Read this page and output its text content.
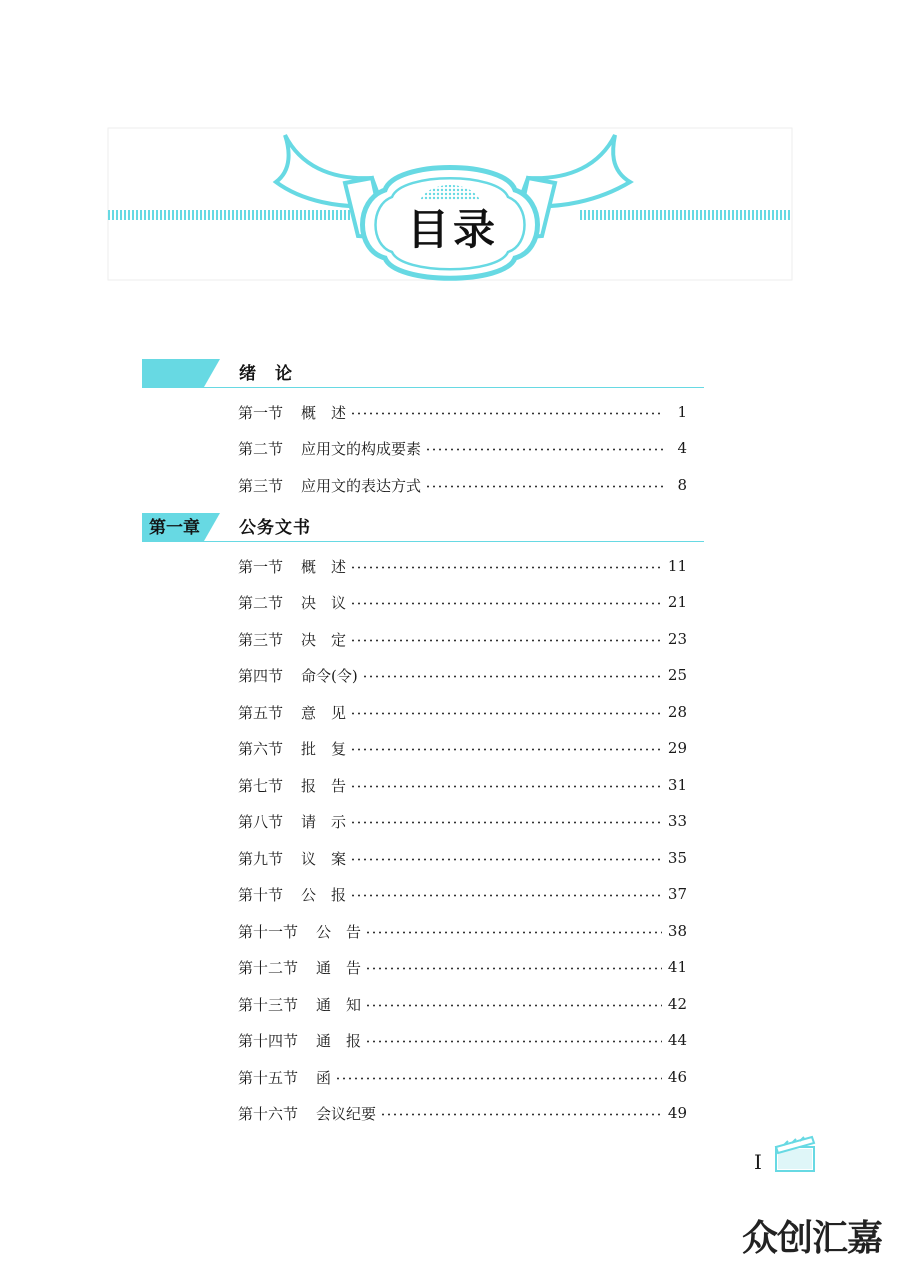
目录
绪　论
第一节 概　述	1
第二节 应用文的构成要素	4
第三节 应用文的表达方式	8
第一章 公务文书
第一节 概　述	11
第二节 决　议	21
第三节 决　定	23
第四节 命令(令)	25
第五节 意　见	28
第六节 批　复	29
第七节 报　告	31
第八节 请　示	33
第九节 议　案	35
第十节 公　报	37
第十一节 公　告	38
第十二节 通　告	41
第十三节 通　知	42
第十四节 通　报	44
第十五节 函	46
第十六节 会议纪要	49
I
众创汇嘉
